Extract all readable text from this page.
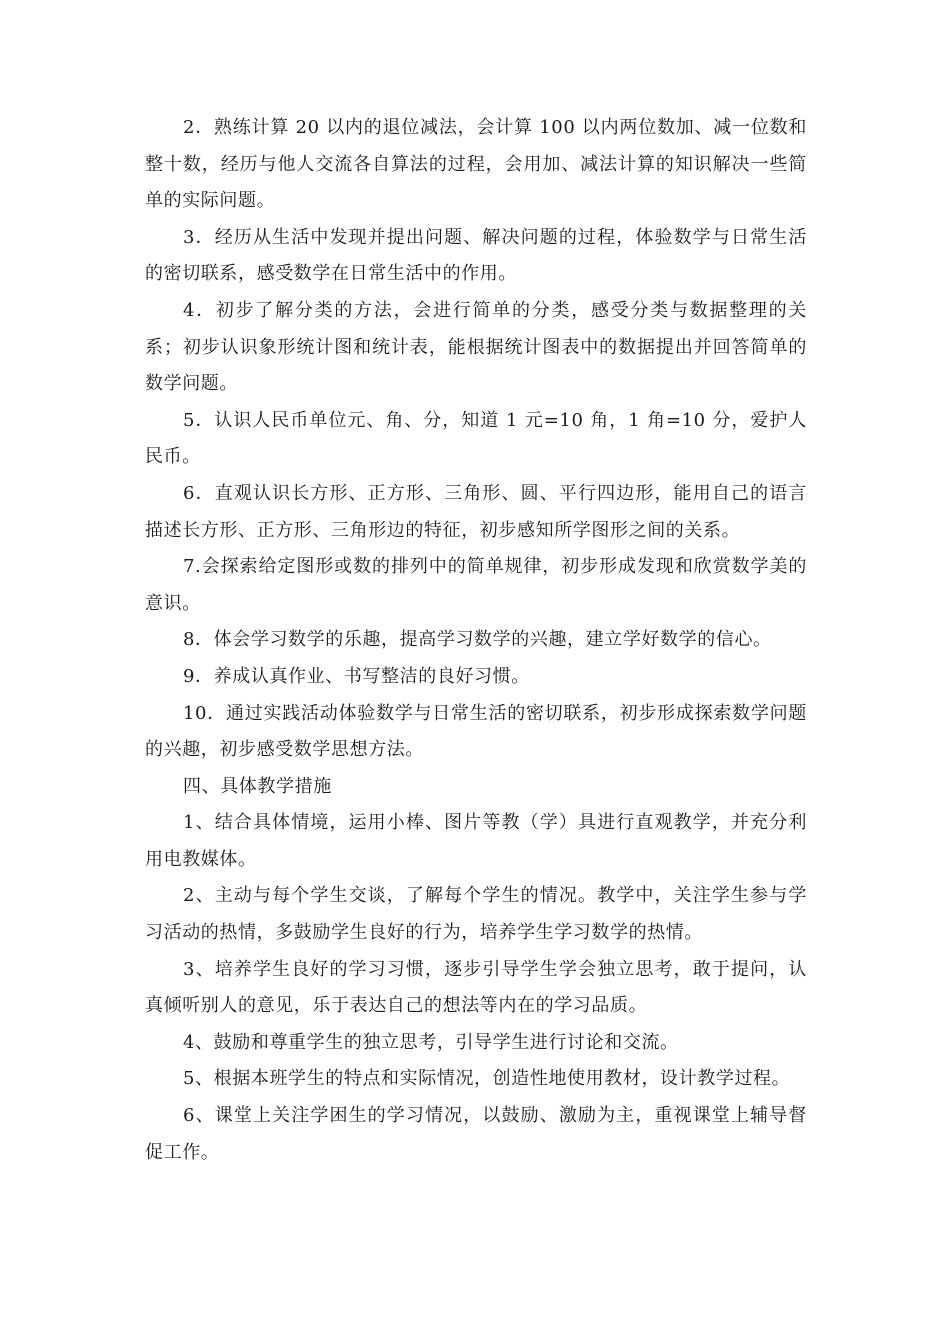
2．熟练计算 20 以内的退位减法，会计算 100 以内两位数加、减一位数和整十数，经历与他人交流各自算法的过程，会用加、减法计算的知识解决一些简单的实际问题。

3．经历从生活中发现并提出问题、解决问题的过程，体验数学与日常生活的密切联系，感受数学在日常生活中的作用。

4．初步了解分类的方法，会进行简单的分类，感受分类与数据整理的关系；初步认识象形统计图和统计表，能根据统计图表中的数据提出并回答简单的数学问题。

5．认识人民币单位元、角、分，知道 1 元=10 角，1 角=10 分，爱护人民币。

6．直观认识长方形、正方形、三角形、圆、平行四边形，能用自己的语言描述长方形、正方形、三角形边的特征，初步感知所学图形之间的关系。

7.会探索给定图形或数的排列中的简单规律，初步形成发现和欣赏数学美的意识。

8．体会学习数学的乐趣，提高学习数学的兴趣，建立学好数学的信心。

9．养成认真作业、书写整洁的良好习惯。

10．通过实践活动体验数学与日常生活的密切联系，初步形成探索数学问题的兴趣，初步感受数学思想方法。

四、具体教学措施

1、结合具体情境，运用小棒、图片等教（学）具进行直观教学，并充分利用电教媒体。

2、主动与每个学生交谈，了解每个学生的情况。教学中，关注学生参与学习活动的热情，多鼓励学生良好的行为，培养学生学习数学的热情。

3、培养学生良好的学习习惯，逐步引导学生学会独立思考，敢于提问，认真倾听别人的意见，乐于表达自己的想法等内在的学习品质。

4、鼓励和尊重学生的独立思考，引导学生进行讨论和交流。

5、根据本班学生的特点和实际情况，创造性地使用教材，设计教学过程。

6、课堂上关注学困生的学习情况，以鼓励、激励为主，重视课堂上辅导督促工作。
